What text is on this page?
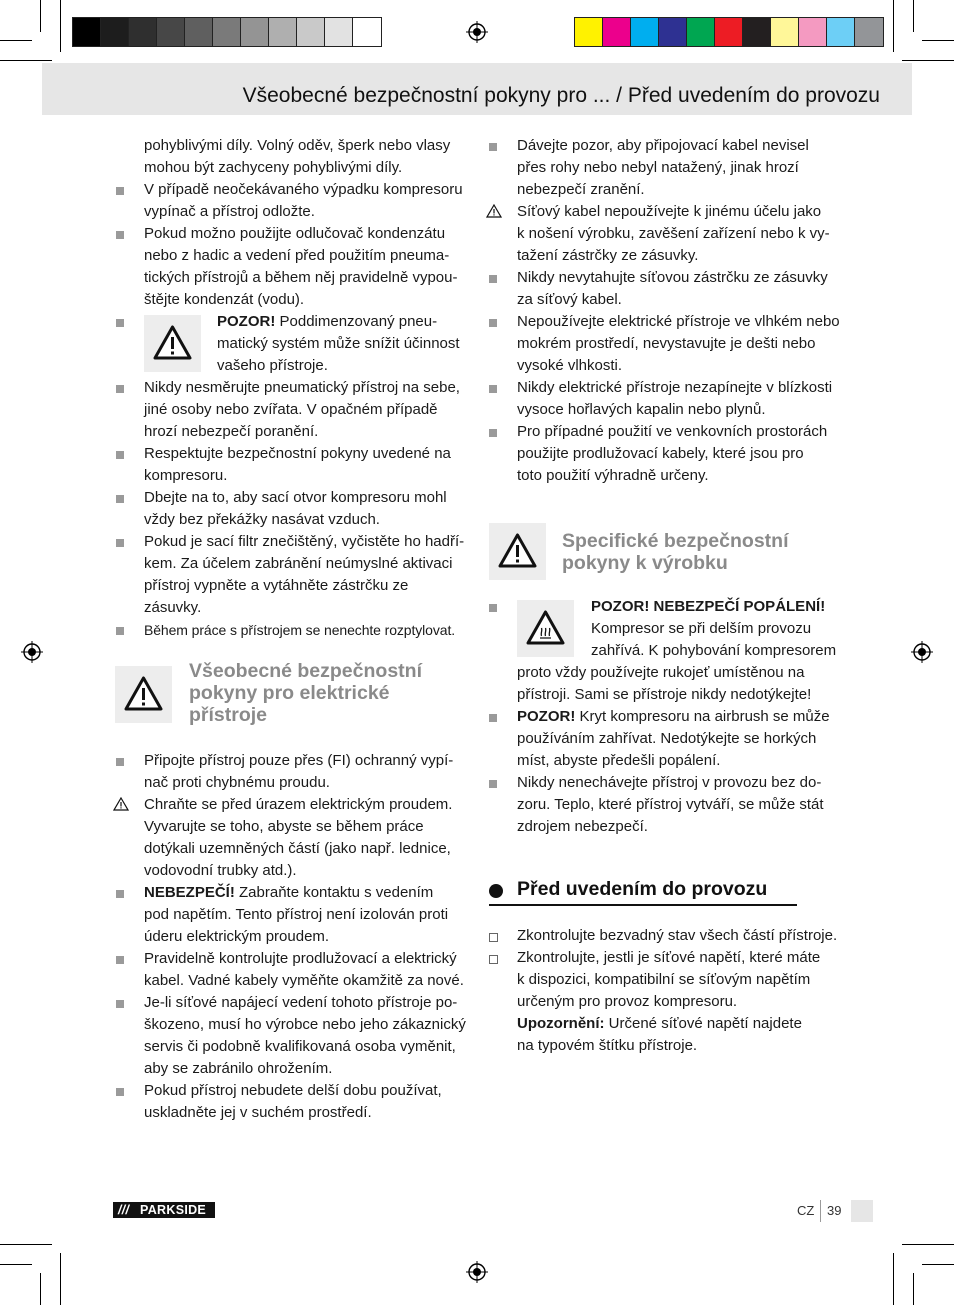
Všeobecné bezpečnostní pokyny pro ... / Před uvedením do provozu
pohyblivými díly. Volný oděv, šperk nebo vlasy
mohou být zachyceny pohyblivými díly.
V případě neočekávaného výpadku kompresoru
vypínač a přístroj odložte.
Pokud možno použijte odlučovač kondenzátu
nebo z hadic a vedení před použitím pneuma-
tických přístrojů a během něj pravidelně vypou-
štějte kondenzát (vodu).
POZOR! Poddimenzovaný pneu-
matický systém může snížit účinnost
vašeho přístroje.
Nikdy nesměrujte pneumatický přístroj na sebe,
jiné osoby nebo zvířata. V opačném případě
hrozí nebezpečí poranění.
Respektujte bezpečnostní pokyny uvedené na
kompresoru.
Dbejte na to, aby sací otvor kompresoru mohl
vždy bez překážky nasávat vzduch.
Pokud je sací filtr znečištěný, vyčistěte ho hadří-
kem. Za účelem zabránění neúmyslné aktivaci
přístroj vypněte a vytáhněte zástrčku ze zásuvky.
Během práce s přístrojem se nenechte rozptylovat.
Všeobecné bezpečnostní
pokyny pro elektrické
přístroje
Připojte přístroj pouze přes (FI) ochranný vypí-
nač proti chybnému proudu.
Chraňte se před úrazem elektrickým proudem.
Vyvarujte se toho, abyste se během práce
dotýkali uzemněných částí (jako např. lednice,
vodovodní trubky atd.).
NEBEZPEČÍ! Zabraňte kontaktu s vedením
pod napětím. Tento přístroj není izolován proti
úderu elektrickým proudem.
Pravidelně kontrolujte prodlužovací a elektrický
kabel. Vadné kabely vyměňte okamžitě za nové.
Je-li síťové napájecí vedení tohoto přístroje po-
škozeno, musí ho výrobce nebo jeho zákaznický
servis či podobně kvalifikovaná osoba vyměnit,
aby se zabránilo ohrožením.
Pokud přístroj nebudete delší dobu používat,
uskladněte jej v suchém prostředí.
Dávejte pozor, aby připojovací kabel nevisel
přes rohy nebo nebyl natažený, jinak hrozí
nebezpečí zranění.
Síťový kabel nepoužívejte k jinému účelu jako
k nošení výrobku, zavěšení zařízení nebo k vy-
tažení zástrčky ze zásuvky.
Nikdy nevytahujte síťovou zástrčku ze zásuvky
za síťový kabel.
Nepoužívejte elektrické přístroje ve vlhkém nebo
mokrém prostředí, nevystavujte je dešti nebo
vysoké vlhkosti.
Nikdy elektrické přístroje nezapínejte v blízkosti
vysoce hořlavých kapalin nebo plynů.
Pro případné použití ve venkovních prostorách
použijte prodlužovací kabely, které jsou pro
toto použití výhradně určeny.
Specifické bezpečnostní
pokyny k výrobku
POZOR! NEBEZPEČÍ POPÁLENÍ!
Kompresor se při delším provozu
zahřívá. K pohybování kompresorem
proto vždy používejte rukojeť umístěnou na
přístroji. Sami se přístroje nikdy nedotýkejte!
POZOR! Kryt kompresoru na airbrush se může
používáním zahřívat. Nedotýkejte se horkých
míst, abyste předešli popálení.
Nikdy nenechávejte přístroj v provozu bez do-
zoru. Teplo, které přístroj vytváří, se může stát
zdrojem nebezpečí.
Před uvedením do provozu
Zkontrolujte bezvadný stav všech částí přístroje.
Zkontrolujte, jestli je síťové napětí, které máte
k dispozici, kompatibilní se síťovým napětím
určeným pro provoz kompresoru.
Upozornění: Určené síťové napětí najdete
na typovém štítku přístroje.
/// PARKSIDE	CZ 39
